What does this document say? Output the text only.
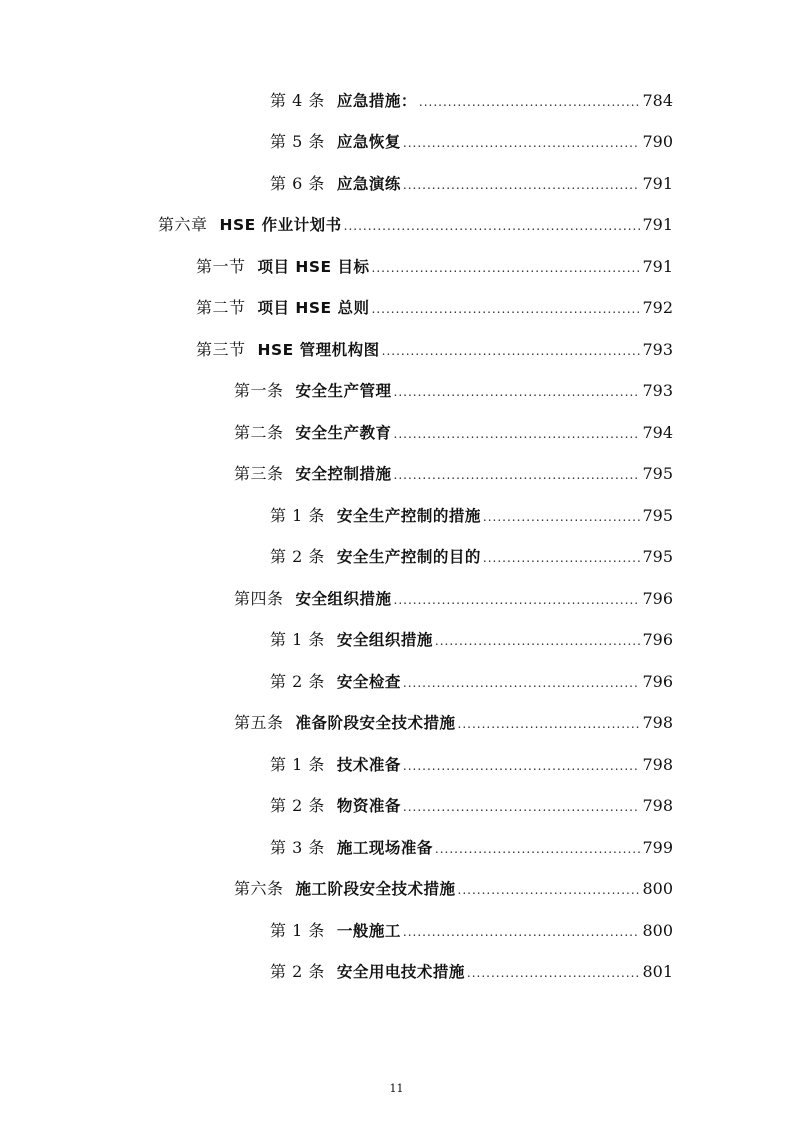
第 4 条 应急措施： .....	784
第 5 条 应急恢复 .....	790
第 6 条 应急演练 .....	791
第六章 HSE 作业计划书 .....	791
第一节 项目 HSE 目标 .....	791
第二节 项目 HSE 总则 .....	792
第三节 HSE 管理机构图 .....	793
第一条 安全生产管理 .....	793
第二条 安全生产教育 .....	794
第三条 安全控制措施 .....	795
第 1 条 安全生产控制的措施 .....	795
第 2 条 安全生产控制的目的 .....	795
第四条 安全组织措施 .....	796
第 1 条 安全组织措施 .....	796
第 2 条 安全检查 .....	796
第五条 准备阶段安全技术措施 .....	798
第 1 条 技术准备 .....	798
第 2 条 物资准备 .....	798
第 3 条 施工现场准备 .....	799
第六条 施工阶段安全技术措施 .....	800
第 1 条 一般施工 .....	800
第 2 条 安全用电技术措施 .....	801
11
